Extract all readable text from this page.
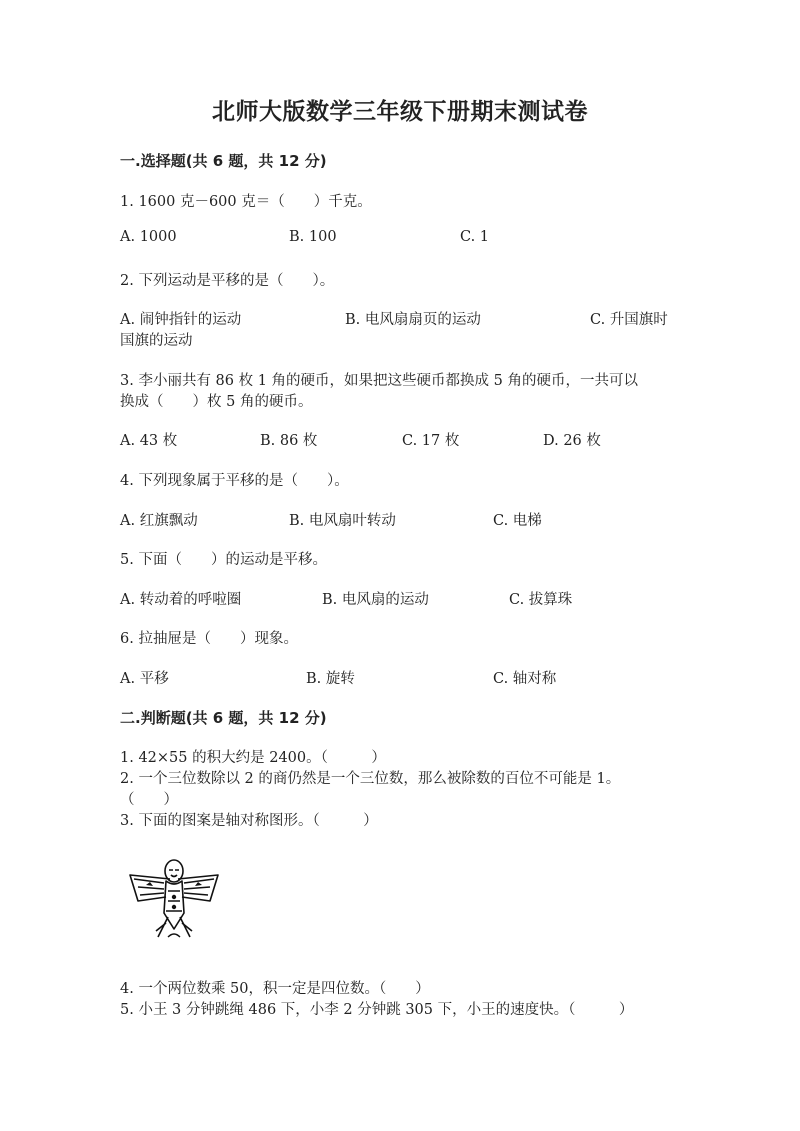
北师大版数学三年级下册期末测试卷
一.选择题(共 6 题，共 12 分)
1. 1600 克－600 克＝（　　）千克。
A. 1000	B. 100	C. 1
2. 下列运动是平移的是（　　）。
A. 闹钟指针的运动	B. 电风扇扇页的运动	C. 升国旗时
国旗的运动
3. 李小丽共有 86 枚 1 角的硬币，如果把这些硬币都换成 5 角的硬币，一共可以
换成（　　）枚 5 角的硬币。
A. 43 枚	B. 86 枚	C. 17 枚	D. 26 枚
4. 下列现象属于平移的是（　　）。
A. 红旗飘动	B. 电风扇叶转动	C. 电梯
5. 下面（　　）的运动是平移。
A. 转动着的呼啦圈	B. 电风扇的运动	C. 拔算珠
6. 拉抽屉是（　　）现象。
A. 平移	B. 旋转	C. 轴对称
二.判断题(共 6 题，共 12 分)
1. 42×55 的积大约是 2400。（　　　）
2. 一个三位数除以 2 的商仍然是一个三位数，那么被除数的百位不可能是 1。
（　　）
3. 下面的图案是轴对称图形。（　　　）
4. 一个两位数乘 50，积一定是四位数。（　　）
5. 小王 3 分钟跳绳 486 下，小李 2 分钟跳 305 下，小王的速度快。（　　　）
